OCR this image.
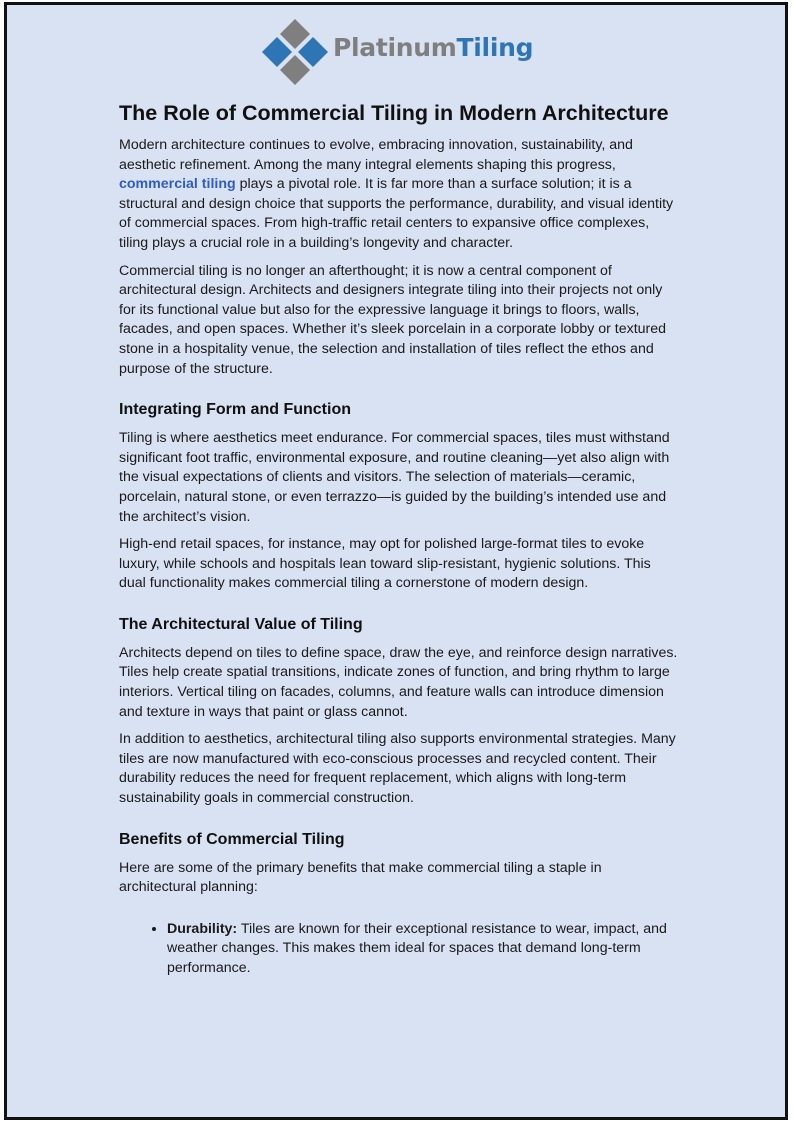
PlatinumTiling
The Role of Commercial Tiling in Modern Architecture

Modern architecture continues to evolve, embracing innovation, sustainability, and aesthetic refinement. Among the many integral elements shaping this progress, commercial tiling plays a pivotal role. It is far more than a surface solution; it is a structural and design choice that supports the performance, durability, and visual identity of commercial spaces. From high-traffic retail centers to expansive office complexes, tiling plays a crucial role in a building’s longevity and character.

Commercial tiling is no longer an afterthought; it is now a central component of architectural design. Architects and designers integrate tiling into their projects not only for its functional value but also for the expressive language it brings to floors, walls, facades, and open spaces. Whether it’s sleek porcelain in a corporate lobby or textured stone in a hospitality venue, the selection and installation of tiles reflect the ethos and purpose of the structure.

Integrating Form and Function

Tiling is where aesthetics meet endurance. For commercial spaces, tiles must withstand significant foot traffic, environmental exposure, and routine cleaning—yet also align with the visual expectations of clients and visitors. The selection of materials—ceramic, porcelain, natural stone, or even terrazzo—is guided by the building’s intended use and the architect’s vision.

High-end retail spaces, for instance, may opt for polished large-format tiles to evoke luxury, while schools and hospitals lean toward slip-resistant, hygienic solutions. This dual functionality makes commercial tiling a cornerstone of modern design.

The Architectural Value of Tiling

Architects depend on tiles to define space, draw the eye, and reinforce design narratives. Tiles help create spatial transitions, indicate zones of function, and bring rhythm to large interiors. Vertical tiling on facades, columns, and feature walls can introduce dimension and texture in ways that paint or glass cannot.

In addition to aesthetics, architectural tiling also supports environmental strategies. Many tiles are now manufactured with eco-conscious processes and recycled content. Their durability reduces the need for frequent replacement, which aligns with long-term sustainability goals in commercial construction.

Benefits of Commercial Tiling

Here are some of the primary benefits that make commercial tiling a staple in architectural planning:

• Durability: Tiles are known for their exceptional resistance to wear, impact, and weather changes. This makes them ideal for spaces that demand long-term performance.
